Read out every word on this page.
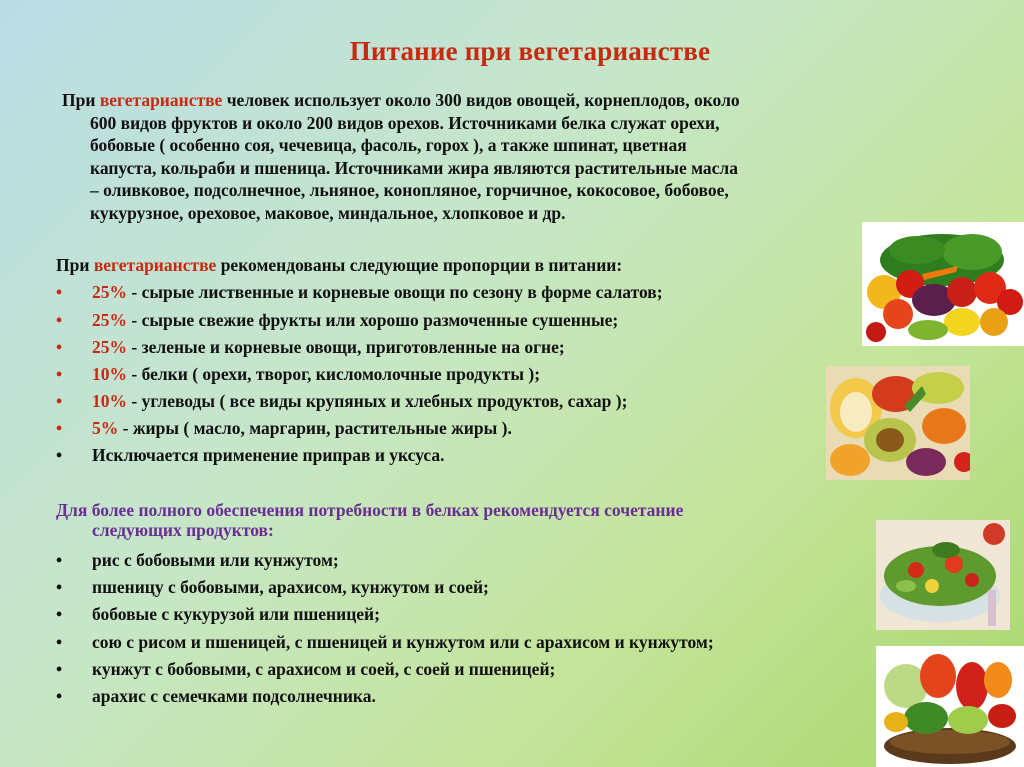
Питание при вегетарианстве
При вегетарианстве человек использует около 300 видов овощей, корнеплодов, около
600 видов фруктов и около 200 видов орехов. Источниками белка служат орехи,
бобовые ( особенно соя, чечевица, фасоль, горох ), а также шпинат, цветная
капуста, кольраби и пшеница. Источниками жира являются растительные масла
– оливковое, подсолнечное, льняное, конопляное, горчичное, кокосовое, бобовое,
кукурузное, ореховое, маковое, миндальное, хлопковое и др.
При вегетарианстве рекомендованы следующие пропорции в питании:
• 25% - сырые лиственные и корневые овощи по сезону в форме салатов;
• 25% - сырые свежие фрукты или хорошо размоченные сушенные;
• 25% - зеленые и корневые овощи, приготовленные на огне;
• 10% - белки ( орехи, творог, кисломолочные продукты );
• 10% - углеводы ( все виды крупяных и хлебных продуктов, сахар );
• 5% - жиры ( масло, маргарин, растительные жиры ).
• Исключается применение приправ и уксуса.
Для более полного обеспечения потребности в белках рекомендуется сочетание
следующих продуктов:
• рис с бобовыми или кунжутом;
• пшеницу с бобовыми, арахисом, кунжутом и соей;
• бобовые с кукурузой или пшеницей;
• сою с рисом и пшеницей, с пшеницей и кунжутом или с арахисом и кунжутом;
• кунжут с бобовыми, с арахисом и соей, с соей и пшеницей;
• арахис с семечками подсолнечника.
